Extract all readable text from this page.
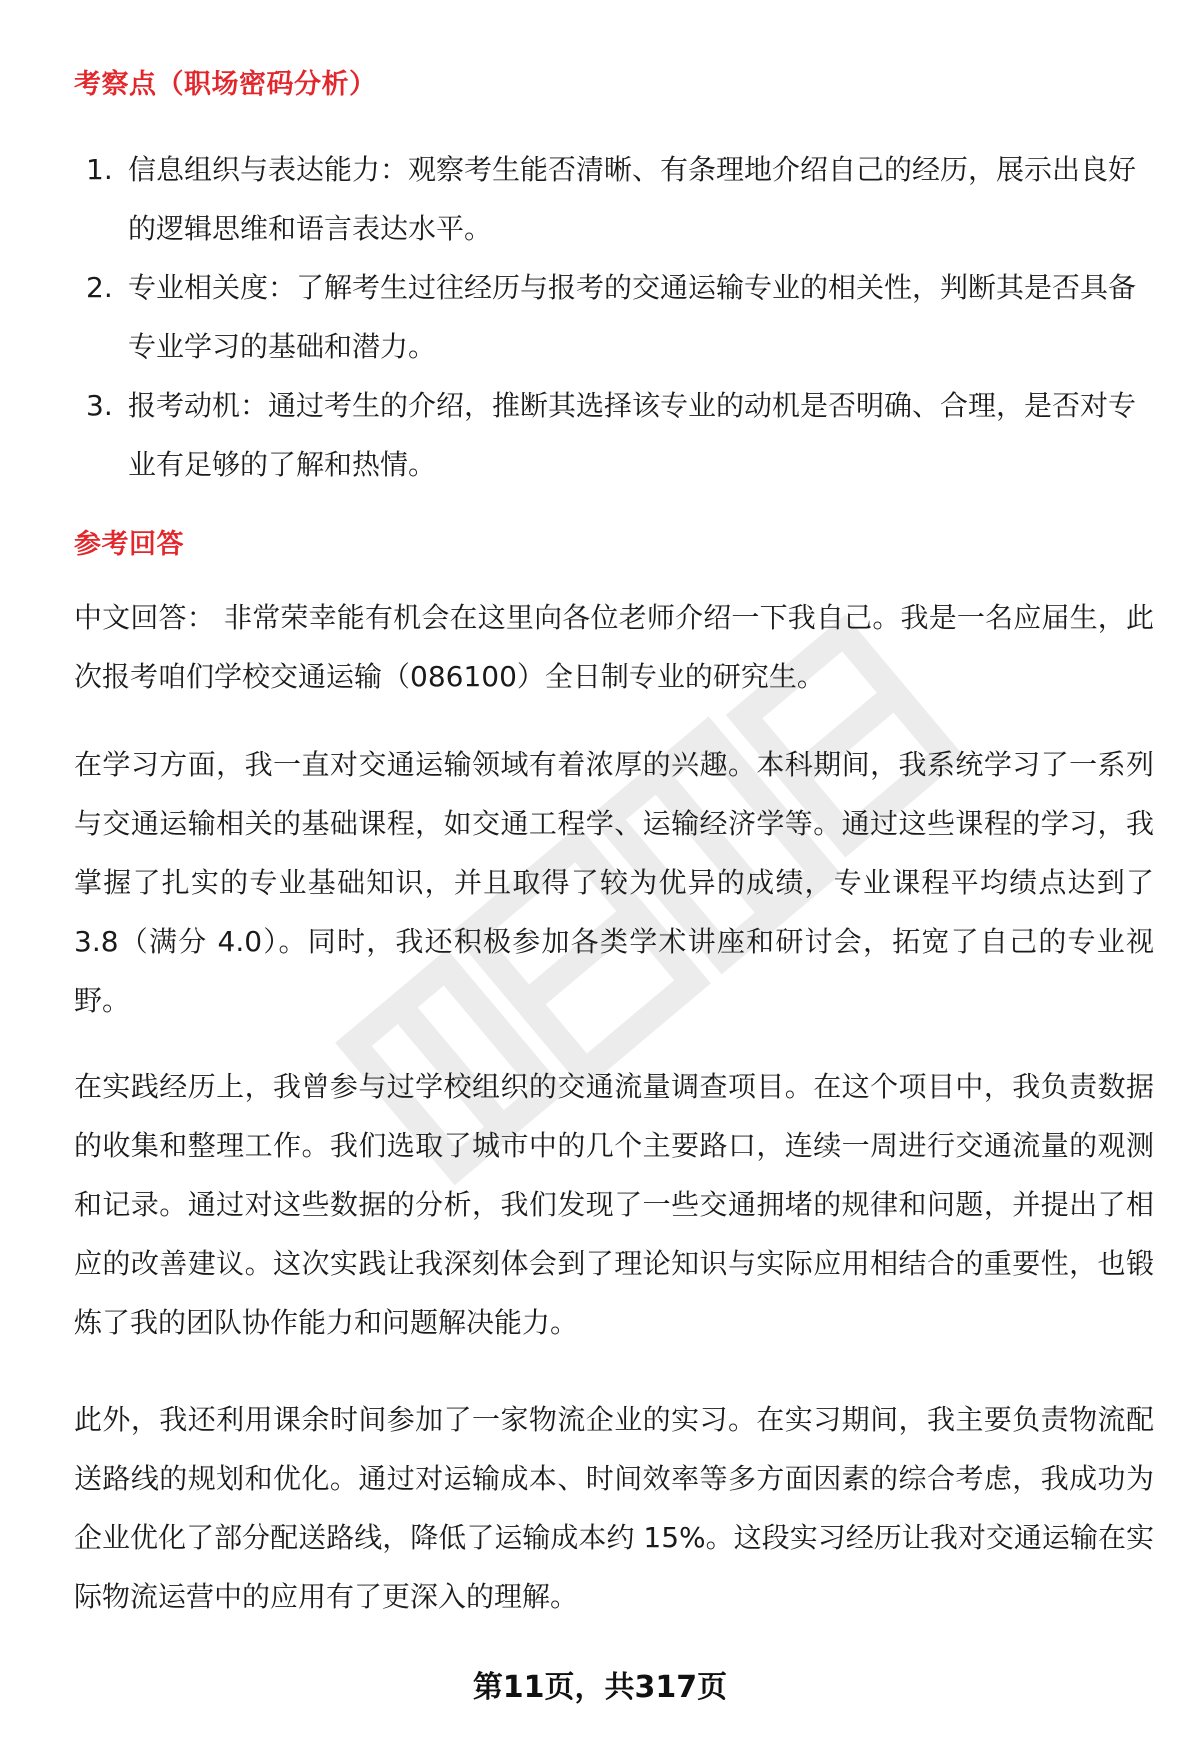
考察点（职场密码分析）
1. 信息组织与表达能力：观察考生能否清晰、有条理地介绍自己的经历，展示出良好的逻辑思维和语言表达水平。
2. 专业相关度：了解考生过往经历与报考的交通运输专业的相关性，判断其是否具备专业学习的基础和潜力。
3. 报考动机：通过考生的介绍，推断其选择该专业的动机是否明确、合理，是否对专业有足够的了解和热情。
参考回答

中文回答： 非常荣幸能有机会在这里向各位老师介绍一下我自己。我是一名应届生，此次报考咱们学校交通运输（086100）全日制专业的研究生。

在学习方面，我一直对交通运输领域有着浓厚的兴趣。本科期间，我系统学习了一系列与交通运输相关的基础课程，如交通工程学、运输经济学等。通过这些课程的学习，我掌握了扎实的专业基础知识，并且取得了较为优异的成绩，专业课程平均绩点达到了 3.8（满分 4.0）。同时，我还积极参加各类学术讲座和研讨会，拓宽了自己的专业视野。

在实践经历上，我曾参与过学校组织的交通流量调查项目。在这个项目中，我负责数据的收集和整理工作。我们选取了城市中的几个主要路口，连续一周进行交通流量的观测和记录。通过对这些数据的分析，我们发现了一些交通拥堵的规律和问题，并提出了相应的改善建议。这次实践让我深刻体会到了理论知识与实际应用相结合的重要性，也锻炼了我的团队协作能力和问题解决能力。

此外，我还利用课余时间参加了一家物流企业的实习。在实习期间，我主要负责物流配送路线的规划和优化。通过对运输成本、时间效率等多方面因素的综合考虑，我成功为企业优化了部分配送路线，降低了运输成本约 15%。这段实习经历让我对交通运输在实际物流运营中的应用有了更深入的理解。

第11页，共317页
